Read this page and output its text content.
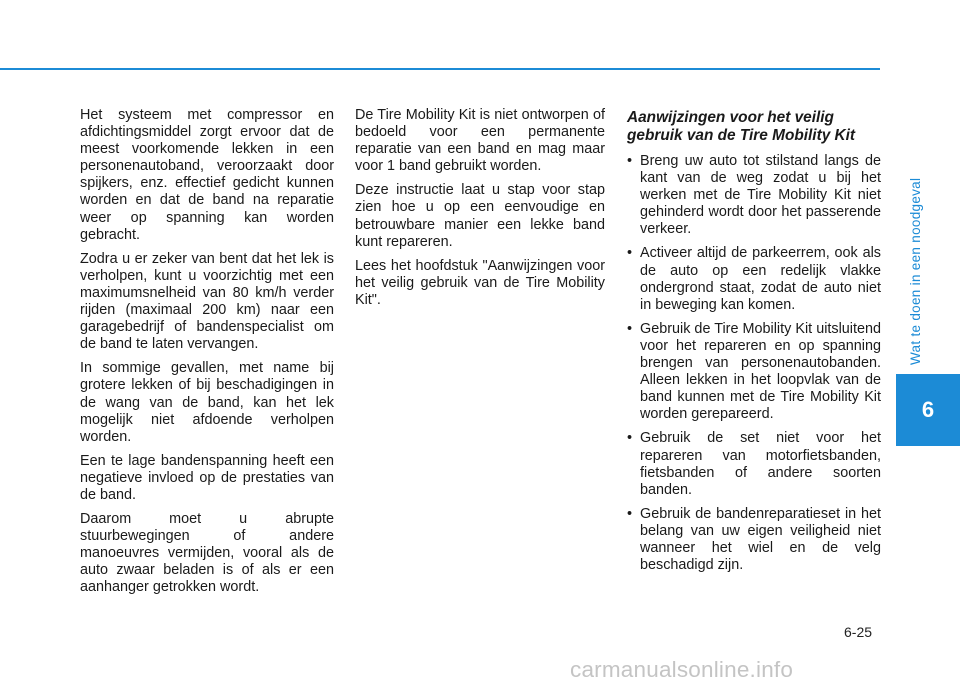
Het systeem met compressor en afdichtingsmiddel zorgt ervoor dat de meest voorkomende lekken in een personenautoband, veroorzaakt door spijkers, enz. effectief gedicht kunnen worden en dat de band na reparatie weer op spanning kan worden gebracht.

Zodra u er zeker van bent dat het lek is verholpen, kunt u voorzichtig met een maximumsnelheid van 80 km/h verder rijden (maximaal 200 km) naar een garagebedrijf of bandenspecialist om de band te laten vervangen.

In sommige gevallen, met name bij grotere lekken of bij beschadigingen in de wang van de band, kan het lek mogelijk niet afdoende verholpen worden.

Een te lage bandenspanning heeft een negatieve invloed op de prestaties van de band.

Daarom moet u abrupte stuurbewegingen of andere manoeuvres vermijden, vooral als de auto zwaar beladen is of als er een aanhanger getrokken wordt.

De Tire Mobility Kit is niet ontworpen of bedoeld voor een permanente reparatie van een band en mag maar voor 1 band gebruikt worden.

Deze instructie laat u stap voor stap zien hoe u op een eenvoudige en betrouwbare manier een lekke band kunt repareren.

Lees het hoofdstuk "Aanwijzingen voor het veilig gebruik van de Tire Mobility Kit".

Aanwijzingen voor het veilig gebruik van de Tire Mobility Kit
• Breng uw auto tot stilstand langs de kant van de weg zodat u bij het werken met de Tire Mobility Kit niet gehinderd wordt door het passerende verkeer.
• Activeer altijd de parkeerrem, ook als de auto op een redelijk vlakke ondergrond staat, zodat de auto niet in beweging kan komen.
• Gebruik de Tire Mobility Kit uitsluitend voor het repareren en op spanning brengen van personenautobanden. Alleen lekken in het loopvlak van de band kunnen met de Tire Mobility Kit worden gerepareerd.
• Gebruik de set niet voor het repareren van motorfietsbanden, fietsbanden of andere soorten banden.
• Gebruik de bandenreparatieset in het belang van uw eigen veiligheid niet wanneer het wiel en de velg beschadigd zijn.
Wat te doen in een noodgeval
6
6-25
carmanualsonline.info
